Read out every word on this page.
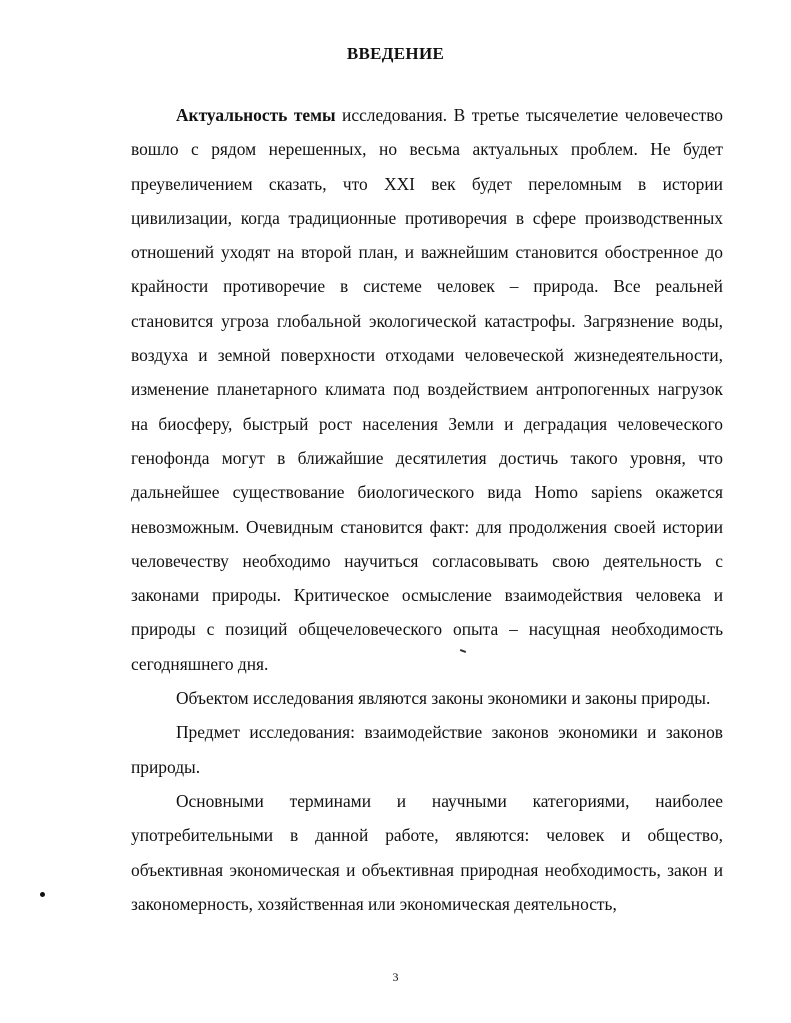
ВВЕДЕНИЕ

Актуальность темы исследования. В третье тысячелетие человечество вошло с рядом нерешенных, но весьма актуальных проблем. Не будет преувеличением сказать, что XXI век будет переломным в истории цивилизации, когда традиционные противоречия в сфере производственных отношений уходят на второй план, и важнейшим становится обостренное до крайности противоречие в системе человек – природа. Все реальней становится угроза глобальной экологической катастрофы. Загрязнение воды, воздуха и земной поверхности отходами человеческой жизнедеятельности, изменение планетарного климата под воздействием антропогенных нагрузок на биосферу, быстрый рост населения Земли и деградация человеческого генофонда могут в ближайшие десятилетия достичь такого уровня, что дальнейшее существование биологического вида Homo sapiens окажется невозможным. Очевидным становится факт: для продолжения своей истории человечеству необходимо научиться согласовывать свою деятельность с законами природы. Критическое осмысление взаимодействия человека и природы с позиций общечеловеческого опыта – насущная необходимость сегодняшнего дня.

Объектом исследования являются законы экономики и законы природы.

Предмет исследования: взаимодействие законов экономики и законов природы.

Основными терминами и научными категориями, наиболее употребительными в данной работе, являются: человек и общество, объективная экономическая и объективная природная необходимость, закон и закономерность, хозяйственная или экономическая деятельность,

3
